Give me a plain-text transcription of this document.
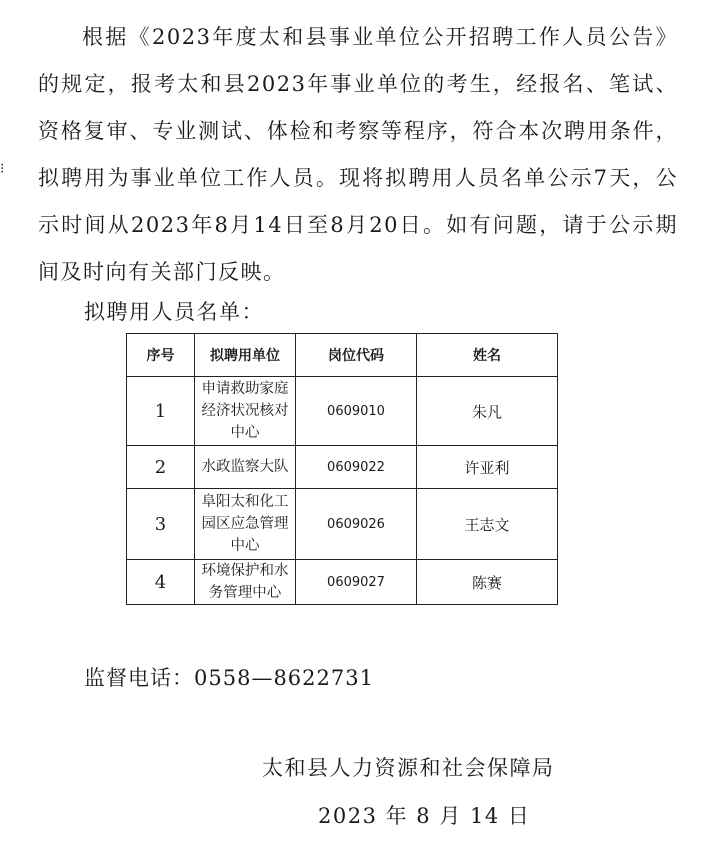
根据《2023年度太和县事业单位公开招聘工作人员公告》的规定，报考太和县2023年事业单位的考生，经报名、笔试、资格复审、专业测试、体检和考察等程序，符合本次聘用条件，拟聘用为事业单位工作人员。现将拟聘用人员名单公示7天，公示时间从2023年8月14日至8月20日。如有问题，请于公示期间及时向有关部门反映。

⁝

拟聘用人员名单：

序号	拟聘用单位	岗位代码	姓名
1	申请救助家庭经济状况核对中心	0609010	朱凡
2	水政监察大队	0609022	许亚利
3	阜阳太和化工园区应急管理中心	0609026	王志文
4	环境保护和水务管理中心	0609027	陈赛

监督电话：0558—8622731

太和县人力资源和社会保障局

2023 年 8 月 14 日
